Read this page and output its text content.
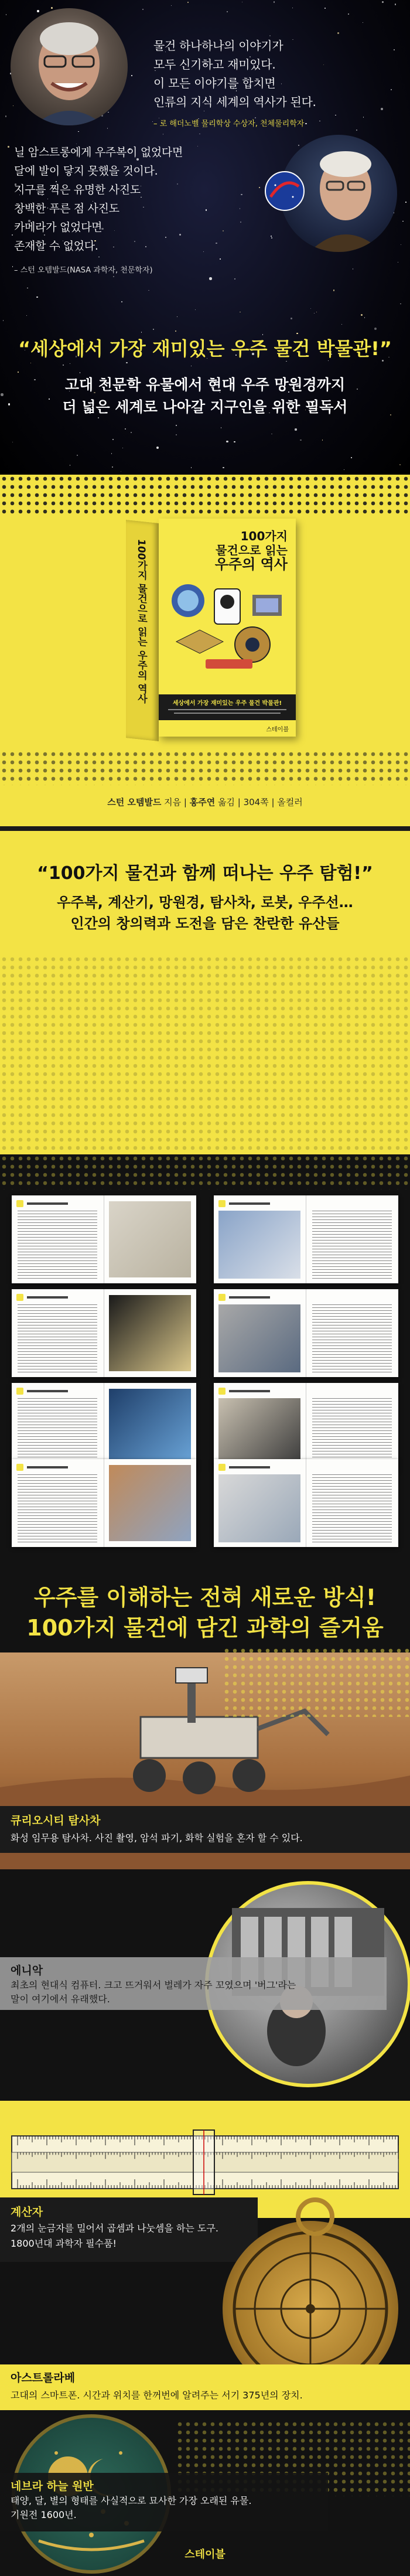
물건 하나하나의 이야기가
모두 신기하고 재미있다.
이 모든 이야기를 합치면
인류의 지식 세계의 역사가 된다.
– 로 해더노벨 물리학상 수상자, 천체물리학자
닐 암스트롱에게 우주복이 없었다면
달에 발이 닿지 못했을 것이다.
지구를 찍은 유명한 사진도
창백한 푸른 점 사진도
카메라가 없었다면
존재할 수 없었다.
– 스턴 오템발드(NASA 과학자, 천문학자)
“세상에서 가장 재미있는 우주 물건 박물관!”
고대 천문학 유물에서 현대 우주 망원경까지
더 넓은 세계로 나아갈 지구인을 위한 필독서
100가지 물건으로 읽는 우주의 역사
100가지
물건으로 읽는
우주의 역사
세상에서 가장 재미있는 우주 물건 박물관!
스테이블
스턴 오템발드 지음 | 홍주연 옮김 | 304쪽 | 올컬러
“100가지 물건과 함께 떠나는 우주 탐험!”
우주복, 계산기, 망원경, 탐사차, 로봇, 우주선…
인간의 창의력과 도전을 담은 찬란한 유산들
우주를 이해하는 전혀 새로운 방식!
100가지 물건에 담긴 과학의 즐거움
큐리오시티 탐사차
화성 임무용 탐사차. 사진 촬영, 암석 파기, 화학 실험을 혼자 할 수 있다.
에니악
최초의 현대식 컴퓨터. 크고 뜨거워서 벌레가 자주 꼬였으며 '버그'라는
말이 여기에서 유래했다.
계산자
2개의 눈금자를 밀어서 곱셈과 나눗셈을 하는 도구.
1800년대 과학자 필수품!
아스트롤라베
고대의 스마트폰. 시간과 위치를 한꺼번에 알려주는 서기 375년의 장치.
네브라 하늘 원반
태양, 달, 별의 형태를 사실적으로 묘사한 가장 오래된 유물.
기원전 1600년.
스테이블
